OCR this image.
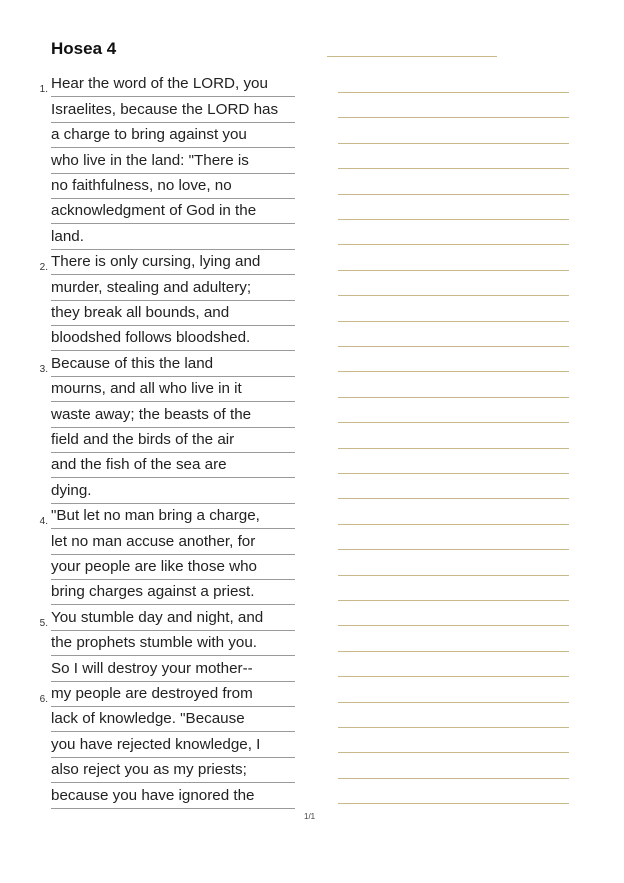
Hosea 4
1. Hear the word of the LORD, you
Israelites, because the LORD has
a charge to bring against you
who live in the land: "There is
no faithfulness, no love, no
acknowledgment of God in the
land.
2. There is only cursing, lying and
murder, stealing and adultery;
they break all bounds, and
bloodshed follows bloodshed.
3. Because of this the land
mourns, and all who live in it
waste away; the beasts of the
field and the birds of the air
and the fish of the sea are
dying.
4. "But let no man bring a charge,
let no man accuse another, for
your people are like those who
bring charges against a priest.
5. You stumble day and night, and
the prophets stumble with you.
So I will destroy your mother--
6. my people are destroyed from
lack of knowledge. "Because
you have rejected knowledge, I
also reject you as my priests;
because you have ignored the
1/1
